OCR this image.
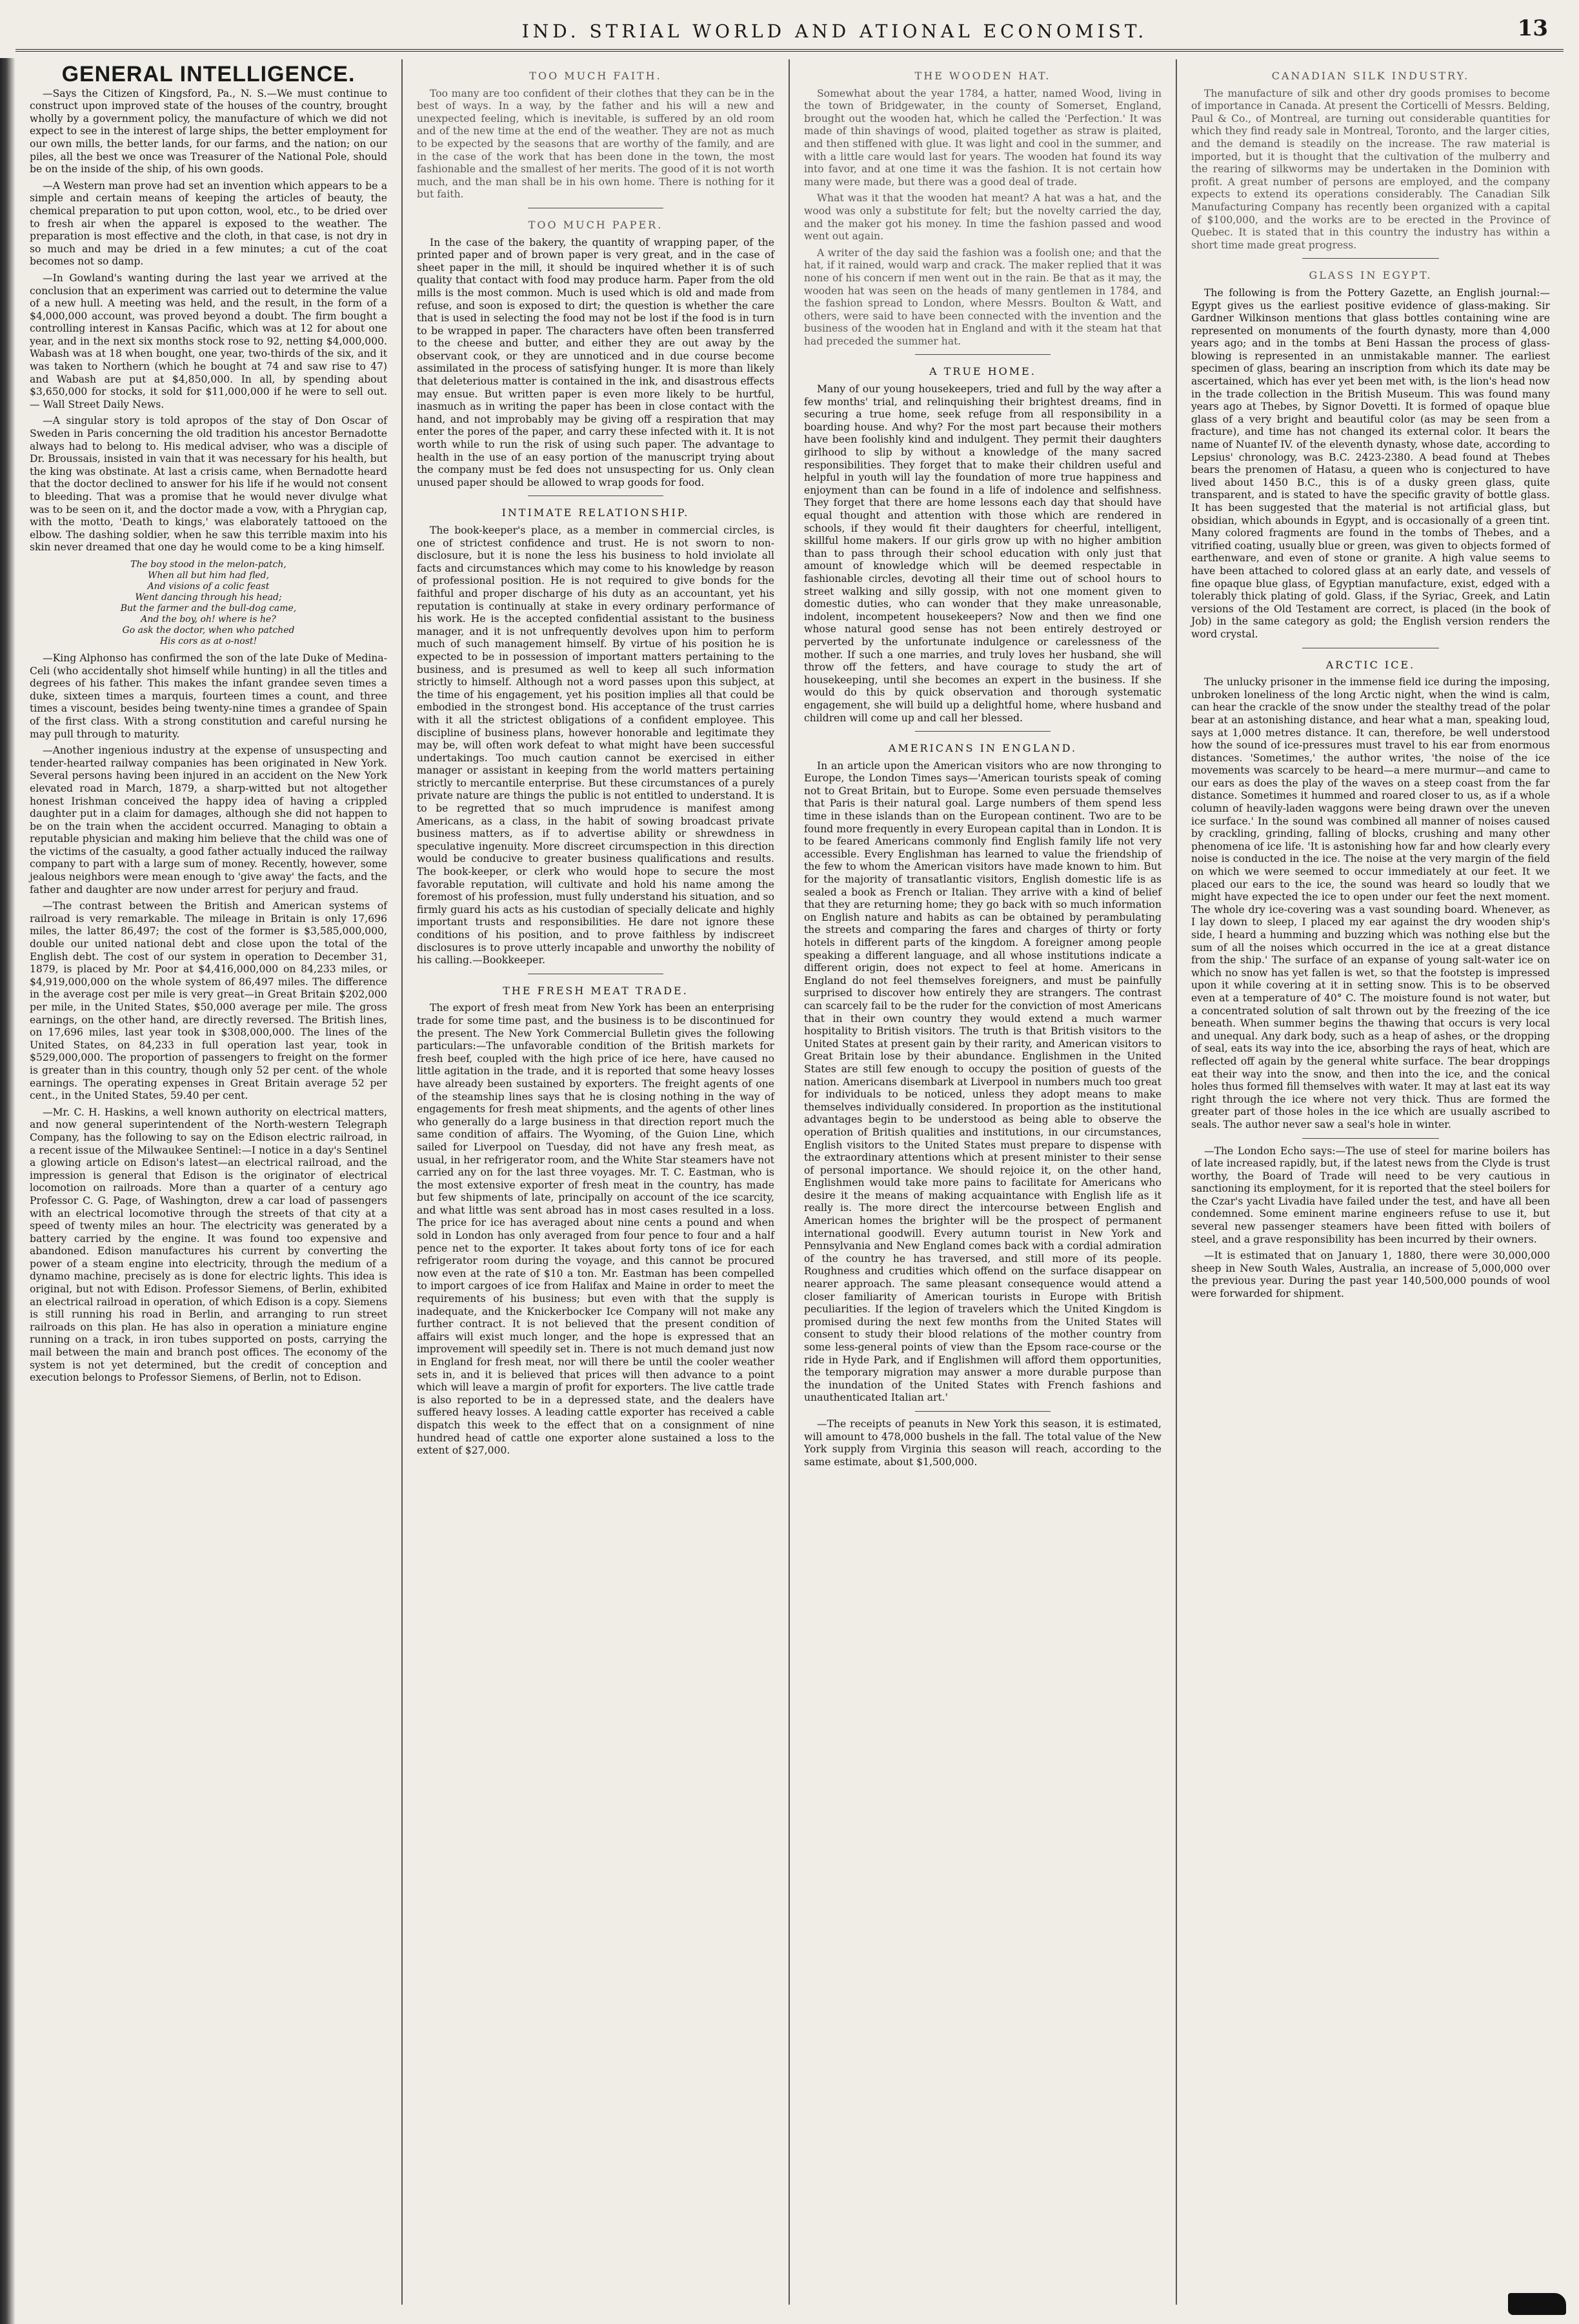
IND. STRIAL WORLD AND ATIONAL ECONOMIST.	13
GENERAL INTELLIGENCE.

—Says the Citizen of Kingsford, Pa., N. S.—We must continue to construct upon improved state of the houses of the country, brought wholly by a government policy, the manufacture of which we did not expect to see in the interest of large ships, the better employment for our own mills, the better lands, for our farms, and the nation; on our piles, all the best we once was Treasurer of the National Pole, should be on the inside of the ship, of his own goods.

—A Western man prove had set an invention which appears to be a simple and certain means of keeping the articles of beauty, the chemical preparation to put upon cotton, wool, etc., to be dried over to fresh air when the apparel is exposed to the weather. The preparation is most effective and the cloth, in that case, is not dry in so much and may be dried in a few minutes; a cut of the coat becomes not so damp.

—In Gowland's wanting during the last year we arrived at the conclusion that an experiment was carried out to determine the value of a new hull. A meeting was held, and the result, in the form of a $4,000,000 account, was proved beyond a doubt. The firm bought a controlling interest in Kansas Pacific, which was at 12 for about one year, and in the next six months stock rose to 92, netting $4,000,000. Wabash was at 18 when bought, one year, two-thirds of the six, and it was taken to Northern (which he bought at 74 and saw rise to 47) and Wabash are put at $4,850,000. In all, by spending about $3,650,000 for stocks, it sold for $11,000,000 if he were to sell out. — Wall Street Daily News.

—A singular story is told apropos of the stay of Don Oscar of Sweden in Paris concerning the old tradition his ancestor Bernadotte always had to belong to. His medical adviser, who was a disciple of Dr. Broussais, insisted in vain that it was necessary for his health, but the king was obstinate. At last a crisis came, when Bernadotte heard that the doctor declined to answer for his life if he would not consent to bleeding. That was a promise that he would never divulge what was to be seen on it, and the doctor made a vow, with a Phrygian cap, with the motto, 'Death to kings,' was elaborately tattooed on the elbow. The dashing soldier, when he saw this terrible maxim into his skin never dreamed that one day he would come to be a king himself.

The boy stood in the melon-patch,

When all but him had fled,

And visions of a colic feast

Went dancing through his head;

But the farmer and the bull-dog came,

And the boy, oh! where is he?

Go ask the doctor, when who patched

His cors as at o-nost!

—King Alphonso has confirmed the son of the late Duke of Medina-Celi (who accidentally shot himself while hunting) in all the titles and degrees of his father. This makes the infant grandee seven times a duke, sixteen times a marquis, fourteen times a count, and three times a viscount, besides being twenty-nine times a grandee of Spain of the first class. With a strong constitution and careful nursing he may pull through to maturity.

—Another ingenious industry at the expense of unsuspecting and tender-hearted railway companies has been originated in New York. Several persons having been injured in an accident on the New York elevated road in March, 1879, a sharp-witted but not altogether honest Irishman conceived the happy idea of having a crippled daughter put in a claim for damages, although she did not happen to be on the train when the accident occurred. Managing to obtain a reputable physician and making him believe that the child was one of the victims of the casualty, a good father actually induced the railway company to part with a large sum of money. Recently, however, some jealous neighbors were mean enough to 'give away' the facts, and the father and daughter are now under arrest for perjury and fraud.

—The contrast between the British and American systems of railroad is very remarkable. The mileage in Britain is only 17,696 miles, the latter 86,497; the cost of the former is $3,585,000,000, double our united national debt and close upon the total of the English debt. The cost of our system in operation to December 31, 1879, is placed by Mr. Poor at $4,416,000,000 on 84,233 miles, or $4,919,000,000 on the whole system of 86,497 miles. The difference in the average cost per mile is very great—in Great Britain $202,000 per mile, in the United States, $50,000 average per mile. The gross earnings, on the other hand, are directly reversed. The British lines, on 17,696 miles, last year took in $308,000,000. The lines of the United States, on 84,233 in full operation last year, took in $529,000,000. The proportion of passengers to freight on the former is greater than in this country, though only 52 per cent. of the whole earnings. The operating expenses in Great Britain average 52 per cent., in the United States, 59.40 per cent.

—Mr. C. H. Haskins, a well known authority on electrical matters, and now general superintendent of the North-western Telegraph Company, has the following to say on the Edison electric railroad, in a recent issue of the Milwaukee Sentinel:—I notice in a day's Sentinel a glowing article on Edison's latest—an electrical railroad, and the impression is general that Edison is the originator of electrical locomotion on railroads. More than a quarter of a century ago Professor C. G. Page, of Washington, drew a car load of passengers with an electrical locomotive through the streets of that city at a speed of twenty miles an hour. The electricity was generated by a battery carried by the engine. It was found too expensive and abandoned. Edison manufactures his current by converting the power of a steam engine into electricity, through the medium of a dynamo machine, precisely as is done for electric lights. This idea is original, but not with Edison. Professor Siemens, of Berlin, exhibited an electrical railroad in operation, of which Edison is a copy. Siemens is still running his road in Berlin, and arranging to run street railroads on this plan. He has also in operation a miniature engine running on a track, in iron tubes supported on posts, carrying the mail between the main and branch post offices. The economy of the system is not yet determined, but the credit of conception and execution belongs to Professor Siemens, of Berlin, not to Edison.

TOO MUCH FAITH.

Too many are too confident of their clothes that they can be in the best of ways. In a way, by the father and his will a new and unexpected feeling, which is inevitable, is suffered by an old room and of the new time at the end of the weather. They are not as much to be expected by the seasons that are worthy of the family, and are in the case of the work that has been done in the town, the most fashionable and the smallest of her merits. The good of it is not worth much, and the man shall be in his own home. There is nothing for it but faith.

TOO MUCH PAPER.

In the case of the bakery, the quantity of wrapping paper, of the printed paper and of brown paper is very great, and in the case of sheet paper in the mill, it should be inquired whether it is of such quality that contact with food may produce harm. Paper from the old mills is the most common. Much is used which is old and made from refuse, and soon is exposed to dirt; the question is whether the care that is used in selecting the food may not be lost if the food is in turn to be wrapped in paper. The characters have often been transferred to the cheese and butter, and either they are out away by the observant cook, or they are unnoticed and in due course become assimilated in the process of satisfying hunger. It is more than likely that deleterious matter is contained in the ink, and disastrous effects may ensue. But written paper is even more likely to be hurtful, inasmuch as in writing the paper has been in close contact with the hand, and not improbably may be giving off a respiration that may enter the pores of the paper, and carry these infected with it. It is not worth while to run the risk of using such paper. The advantage to health in the use of an easy portion of the manuscript trying about the company must be fed does not unsuspecting for us. Only clean unused paper should be allowed to wrap goods for food.

INTIMATE RELATIONSHIP.

The book-keeper's place, as a member in commercial circles, is one of strictest confidence and trust. He is not sworn to non-disclosure, but it is none the less his business to hold inviolate all facts and circumstances which may come to his knowledge by reason of professional position. He is not required to give bonds for the faithful and proper discharge of his duty as an accountant, yet his reputation is continually at stake in every ordinary performance of his work. He is the accepted confidential assistant to the business manager, and it is not unfrequently devolves upon him to perform much of such management himself. By virtue of his position he is expected to be in possession of important matters pertaining to the business, and is presumed as well to keep all such information strictly to himself. Although not a word passes upon this subject, at the time of his engagement, yet his position implies all that could be embodied in the strongest bond. His acceptance of the trust carries with it all the strictest obligations of a confident employee. This discipline of business plans, however honorable and legitimate they may be, will often work defeat to what might have been successful undertakings. Too much caution cannot be exercised in either manager or assistant in keeping from the world matters pertaining strictly to mercantile enterprise. But these circumstances of a purely private nature are things the public is not entitled to understand. It is to be regretted that so much imprudence is manifest among Americans, as a class, in the habit of sowing broadcast private business matters, as if to advertise ability or shrewdness in speculative ingenuity. More discreet circumspection in this direction would be conducive to greater business qualifications and results. The book-keeper, or clerk who would hope to secure the most favorable reputation, will cultivate and hold his name among the foremost of his profession, must fully understand his situation, and so firmly guard his acts as his custodian of specially delicate and highly important trusts and responsibilities. He dare not ignore these conditions of his position, and to prove faithless by indiscreet disclosures is to prove utterly incapable and unworthy the nobility of his calling.—Bookkeeper.

THE FRESH MEAT TRADE.

The export of fresh meat from New York has been an enterprising trade for some time past, and the business is to be discontinued for the present. The New York Commercial Bulletin gives the following particulars:—The unfavorable condition of the British markets for fresh beef, coupled with the high price of ice here, have caused no little agitation in the trade, and it is reported that some heavy losses have already been sustained by exporters. The freight agents of one of the steamship lines says that he is closing nothing in the way of engagements for fresh meat shipments, and the agents of other lines who generally do a large business in that direction report much the same condition of affairs. The Wyoming, of the Guion Line, which sailed for Liverpool on Tuesday, did not have any fresh meat, as usual, in her refrigerator room, and the White Star steamers have not carried any on for the last three voyages. Mr. T. C. Eastman, who is the most extensive exporter of fresh meat in the country, has made but few shipments of late, principally on account of the ice scarcity, and what little was sent abroad has in most cases resulted in a loss. The price for ice has averaged about nine cents a pound and when sold in London has only averaged from four pence to four and a half pence net to the exporter. It takes about forty tons of ice for each refrigerator room during the voyage, and this cannot be procured now even at the rate of $10 a ton. Mr. Eastman has been compelled to import cargoes of ice from Halifax and Maine in order to meet the requirements of his business; but even with that the supply is inadequate, and the Knickerbocker Ice Company will not make any further contract. It is not believed that the present condition of affairs will exist much longer, and the hope is expressed that an improvement will speedily set in. There is not much demand just now in England for fresh meat, nor will there be until the cooler weather sets in, and it is believed that prices will then advance to a point which will leave a margin of profit for exporters. The live cattle trade is also reported to be in a depressed state, and the dealers have suffered heavy losses. A leading cattle exporter has received a cable dispatch this week to the effect that on a consignment of nine hundred head of cattle one exporter alone sustained a loss to the extent of $27,000.

THE WOODEN HAT.

Somewhat about the year 1784, a hatter, named Wood, living in the town of Bridgewater, in the county of Somerset, England, brought out the wooden hat, which he called the 'Perfection.' It was made of thin shavings of wood, plaited together as straw is plaited, and then stiffened with glue. It was light and cool in the summer, and with a little care would last for years. The wooden hat found its way into favor, and at one time it was the fashion. It is not certain how many were made, but there was a good deal of trade.

What was it that the wooden hat meant? A hat was a hat, and the wood was only a substitute for felt; but the novelty carried the day, and the maker got his money. In time the fashion passed and wood went out again.

A writer of the day said the fashion was a foolish one; and that the hat, if it rained, would warp and crack. The maker replied that it was none of his concern if men went out in the rain. Be that as it may, the wooden hat was seen on the heads of many gentlemen in 1784, and the fashion spread to London, where Messrs. Boulton & Watt, and others, were said to have been connected with the invention and the business of the wooden hat in England and with it the steam hat that had preceded the summer hat.

A TRUE HOME.

Many of our young housekeepers, tried and full by the way after a few months' trial, and relinquishing their brightest dreams, find in securing a true home, seek refuge from all responsibility in a boarding house. And why? For the most part because their mothers have been foolishly kind and indulgent. They permit their daughters girlhood to slip by without a knowledge of the many sacred responsibilities. They forget that to make their children useful and helpful in youth will lay the foundation of more true happiness and enjoyment than can be found in a life of indolence and selfishness. They forget that there are home lessons each day that should have equal thought and attention with those which are rendered in schools, if they would fit their daughters for cheerful, intelligent, skillful home makers. If our girls grow up with no higher ambition than to pass through their school education with only just that amount of knowledge which will be deemed respectable in fashionable circles, devoting all their time out of school hours to street walking and silly gossip, with not one moment given to domestic duties, who can wonder that they make unreasonable, indolent, incompetent housekeepers? Now and then we find one whose natural good sense has not been entirely destroyed or perverted by the unfortunate indulgence or carelessness of the mother. If such a one marries, and truly loves her husband, she will throw off the fetters, and have courage to study the art of housekeeping, until she becomes an expert in the business. If she would do this by quick observation and thorough systematic engagement, she will build up a delightful home, where husband and children will come up and call her blessed.

AMERICANS IN ENGLAND.

In an article upon the American visitors who are now thronging to Europe, the London Times says—'American tourists speak of coming not to Great Britain, but to Europe. Some even persuade themselves that Paris is their natural goal. Large numbers of them spend less time in these islands than on the European continent. Two are to be found more frequently in every European capital than in London. It is to be feared Americans commonly find English family life not very accessible. Every Englishman has learned to value the friendship of the few to whom the American visitors have made known to him. But for the majority of transatlantic visitors, English domestic life is as sealed a book as French or Italian. They arrive with a kind of belief that they are returning home; they go back with so much information on English nature and habits as can be obtained by perambulating the streets and comparing the fares and charges of thirty or forty hotels in different parts of the kingdom. A foreigner among people speaking a different language, and all whose institutions indicate a different origin, does not expect to feel at home. Americans in England do not feel themselves foreigners, and must be painfully surprised to discover how entirely they are strangers. The contrast can scarcely fail to be the ruder for the conviction of most Americans that in their own country they would extend a much warmer hospitality to British visitors. The truth is that British visitors to the United States at present gain by their rarity, and American visitors to Great Britain lose by their abundance. Englishmen in the United States are still few enough to occupy the position of guests of the nation. Americans disembark at Liverpool in numbers much too great for individuals to be noticed, unless they adopt means to make themselves individually considered. In proportion as the institutional advantages begin to be understood as being able to observe the operation of British qualities and institutions, in our circumstances, English visitors to the United States must prepare to dispense with the extraordinary attentions which at present minister to their sense of personal importance. We should rejoice it, on the other hand, Englishmen would take more pains to facilitate for Americans who desire it the means of making acquaintance with English life as it really is. The more direct the intercourse between English and American homes the brighter will be the prospect of permanent international goodwill. Every autumn tourist in New York and Pennsylvania and New England comes back with a cordial admiration of the country he has traversed, and still more of its people. Roughness and crudities which offend on the surface disappear on nearer approach. The same pleasant consequence would attend a closer familiarity of American tourists in Europe with British peculiarities. If the legion of travelers which the United Kingdom is promised during the next few months from the United States will consent to study their blood relations of the mother country from some less-general points of view than the Epsom race-course or the ride in Hyde Park, and if Englishmen will afford them opportunities, the temporary migration may answer a more durable purpose than the inundation of the United States with French fashions and unauthenticated Italian art.'

—The receipts of peanuts in New York this season, it is estimated, will amount to 478,000 bushels in the fall. The total value of the New York supply from Virginia this season will reach, according to the same estimate, about $1,500,000.

CANADIAN SILK INDUSTRY.

The manufacture of silk and other dry goods promises to become of importance in Canada. At present the Corticelli of Messrs. Belding, Paul & Co., of Montreal, are turning out considerable quantities for which they find ready sale in Montreal, Toronto, and the larger cities, and the demand is steadily on the increase. The raw material is imported, but it is thought that the cultivation of the mulberry and the rearing of silkworms may be undertaken in the Dominion with profit. A great number of persons are employed, and the company expects to extend its operations considerably. The Canadian Silk Manufacturing Company has recently been organized with a capital of $100,000, and the works are to be erected in the Province of Quebec. It is stated that in this country the industry has within a short time made great progress.

GLASS IN EGYPT.

The following is from the Pottery Gazette, an English journal:—Egypt gives us the earliest positive evidence of glass-making. Sir Gardner Wilkinson mentions that glass bottles containing wine are represented on monuments of the fourth dynasty, more than 4,000 years ago; and in the tombs at Beni Hassan the process of glass-blowing is represented in an unmistakable manner. The earliest specimen of glass, bearing an inscription from which its date may be ascertained, which has ever yet been met with, is the lion's head now in the trade collection in the British Museum. This was found many years ago at Thebes, by Signor Dovetti. It is formed of opaque blue glass of a very bright and beautiful color (as may be seen from a fracture), and time has not changed its external color. It bears the name of Nuantef IV. of the eleventh dynasty, whose date, according to Lepsius' chronology, was B.C. 2423-2380. A bead found at Thebes bears the prenomen of Hatasu, a queen who is conjectured to have lived about 1450 B.C., this is of a dusky green glass, quite transparent, and is stated to have the specific gravity of bottle glass. It has been suggested that the material is not artificial glass, but obsidian, which abounds in Egypt, and is occasionally of a green tint. Many colored fragments are found in the tombs of Thebes, and a vitrified coating, usually blue or green, was given to objects formed of earthenware, and even of stone or granite. A high value seems to have been attached to colored glass at an early date, and vessels of fine opaque blue glass, of Egyptian manufacture, exist, edged with a tolerably thick plating of gold. Glass, if the Syriac, Greek, and Latin versions of the Old Testament are correct, is placed (in the book of Job) in the same category as gold; the English version renders the word crystal.

ARCTIC ICE.

The unlucky prisoner in the immense field ice during the imposing, unbroken loneliness of the long Arctic night, when the wind is calm, can hear the crackle of the snow under the stealthy tread of the polar bear at an astonishing distance, and hear what a man, speaking loud, says at 1,000 metres distance. It can, therefore, be well understood how the sound of ice-pressures must travel to his ear from enormous distances. 'Sometimes,' the author writes, 'the noise of the ice movements was scarcely to be heard—a mere murmur—and came to our ears as does the play of the waves on a steep coast from the far distance. Sometimes it hummed and roared closer to us, as if a whole column of heavily-laden waggons were being drawn over the uneven ice surface.' In the sound was combined all manner of noises caused by crackling, grinding, falling of blocks, crushing and many other phenomena of ice life. 'It is astonishing how far and how clearly every noise is conducted in the ice. The noise at the very margin of the field on which we were seemed to occur immediately at our feet. It we placed our ears to the ice, the sound was heard so loudly that we might have expected the ice to open under our feet the next moment. The whole dry ice-covering was a vast sounding board. Whenever, as I lay down to sleep, I placed my ear against the dry wooden ship's side, I heard a humming and buzzing which was nothing else but the sum of all the noises which occurred in the ice at a great distance from the ship.' The surface of an expanse of young salt-water ice on which no snow has yet fallen is wet, so that the footstep is impressed upon it while covering at it in setting snow. This is to be observed even at a temperature of 40° C. The moisture found is not water, but a concentrated solution of salt thrown out by the freezing of the ice beneath. When summer begins the thawing that occurs is very local and unequal. Any dark body, such as a heap of ashes, or the dropping of seal, eats its way into the ice, absorbing the rays of heat, which are reflected off again by the general white surface. The bear droppings eat their way into the snow, and then into the ice, and the conical holes thus formed fill themselves with water. It may at last eat its way right through the ice where not very thick. Thus are formed the greater part of those holes in the ice which are usually ascribed to seals. The author never saw a seal's hole in winter.

—The London Echo says:—The use of steel for marine boilers has of late increased rapidly, but, if the latest news from the Clyde is trust worthy, the Board of Trade will need to be very cautious in sanctioning its employment, for it is reported that the steel boilers for the Czar's yacht Livadia have failed under the test, and have all been condemned. Some eminent marine engineers refuse to use it, but several new passenger steamers have been fitted with boilers of steel, and a grave responsibility has been incurred by their owners.

—It is estimated that on January 1, 1880, there were 30,000,000 sheep in New South Wales, Australia, an increase of 5,000,000 over the previous year. During the past year 140,500,000 pounds of wool were forwarded for shipment.
